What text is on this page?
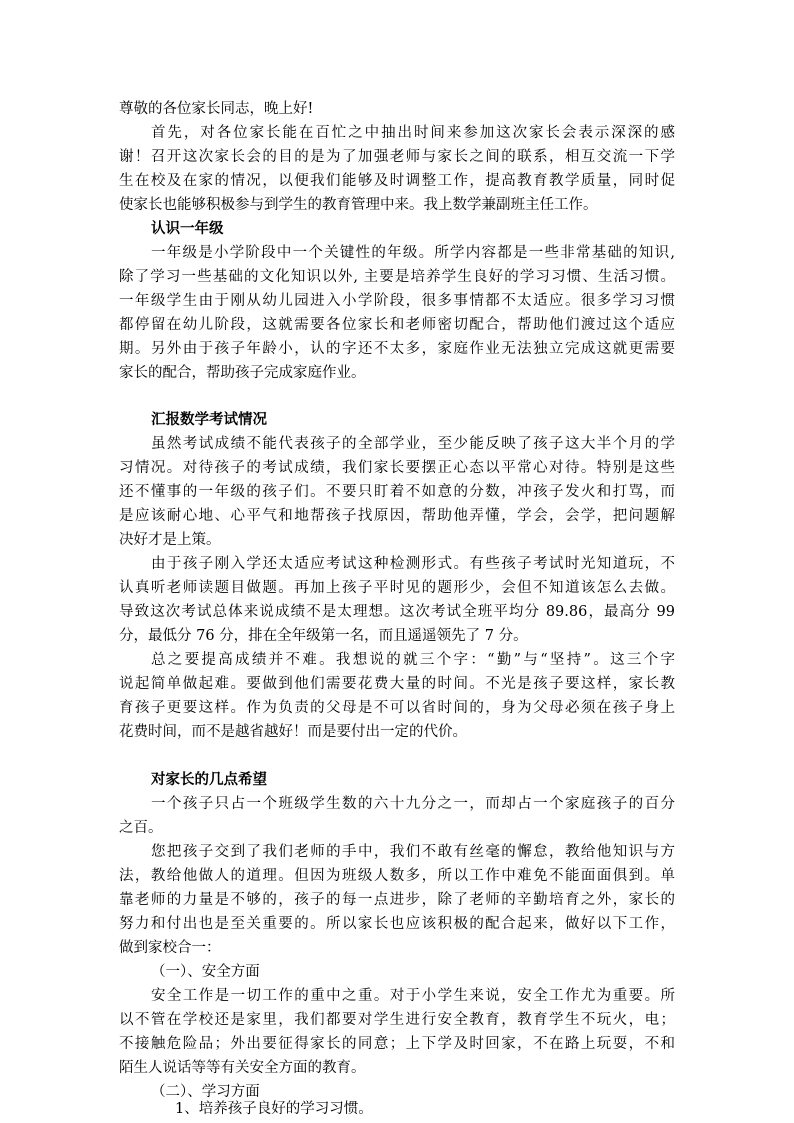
尊敬的各位家长同志，晚上好!
首先，对各位家长能在百忙之中抽出时间来参加这次家长会表示深深的感
谢！召开这次家长会的目的是为了加强老师与家长之间的联系，相互交流一下学
生在校及在家的情况，以便我们能够及时调整工作，提高教育教学质量，同时促
使家长也能够积极参与到学生的教育管理中来。我上数学兼副班主任工作。
认识一年级
一年级是小学阶段中一个关键性的年级。所学内容都是一些非常基础的知识,
除了学习一些基础的文化知识以外, 主要是培养学生良好的学习习惯、生活习惯。
一年级学生由于刚从幼儿园进入小学阶段，很多事情都不太适应。很多学习习惯
都停留在幼儿阶段，这就需要各位家长和老师密切配合，帮助他们渡过这个适应
期。另外由于孩子年龄小，认的字还不太多，家庭作业无法独立完成这就更需要
家长的配合，帮助孩子完成家庭作业。
汇报数学考试情况
虽然考试成绩不能代表孩子的全部学业，至少能反映了孩子这大半个月的学
习情况。对待孩子的考试成绩，我们家长要摆正心态以平常心对待。特别是这些
还不懂事的一年级的孩子们。不要只盯着不如意的分数，冲孩子发火和打骂，而
是应该耐心地、心平气和地帮孩子找原因，帮助他弄懂，学会，会学，把问题解
决好才是上策。
由于孩子刚入学还太适应考试这种检测形式。有些孩子考试时光知道玩，不
认真听老师读题目做题。再加上孩子平时见的题形少，会但不知道该怎么去做。
导致这次考试总体来说成绩不是太理想。这次考试全班平均分 89.86，最高分 99
分，最低分 76 分，排在全年级第一名，而且遥遥领先了 7 分。
总之要提高成绩并不难。我想说的就三个字：“勤”与“坚持”。这三个字
说起简单做起难。要做到他们需要花费大量的时间。不光是孩子要这样，家长教
育孩子更要这样。作为负责的父母是不可以省时间的，身为父母必须在孩子身上
花费时间，而不是越省越好！而是要付出一定的代价。
对家长的几点希望
一个孩子只占一个班级学生数的六十九分之一，而却占一个家庭孩子的百分
之百。
您把孩子交到了我们老师的手中，我们不敢有丝毫的懈怠，教给他知识与方
法，教给他做人的道理。但因为班级人数多，所以工作中难免不能面面俱到。单
靠老师的力量是不够的，孩子的每一点进步，除了老师的辛勤培育之外，家长的
努力和付出也是至关重要的。所以家长也应该积极的配合起来，做好以下工作，
做到家校合一：
（一）、安全方面
安全工作是一切工作的重中之重。对于小学生来说，安全工作尤为重要。所
以不管在学校还是家里，我们都要对学生进行安全教育，教育学生不玩火，电；
不接触危险品；外出要征得家长的同意；上下学及时回家，不在路上玩耍，不和
陌生人说话等等有关安全方面的教育。
（二）、学习方面
1、培养孩子良好的学习习惯。
